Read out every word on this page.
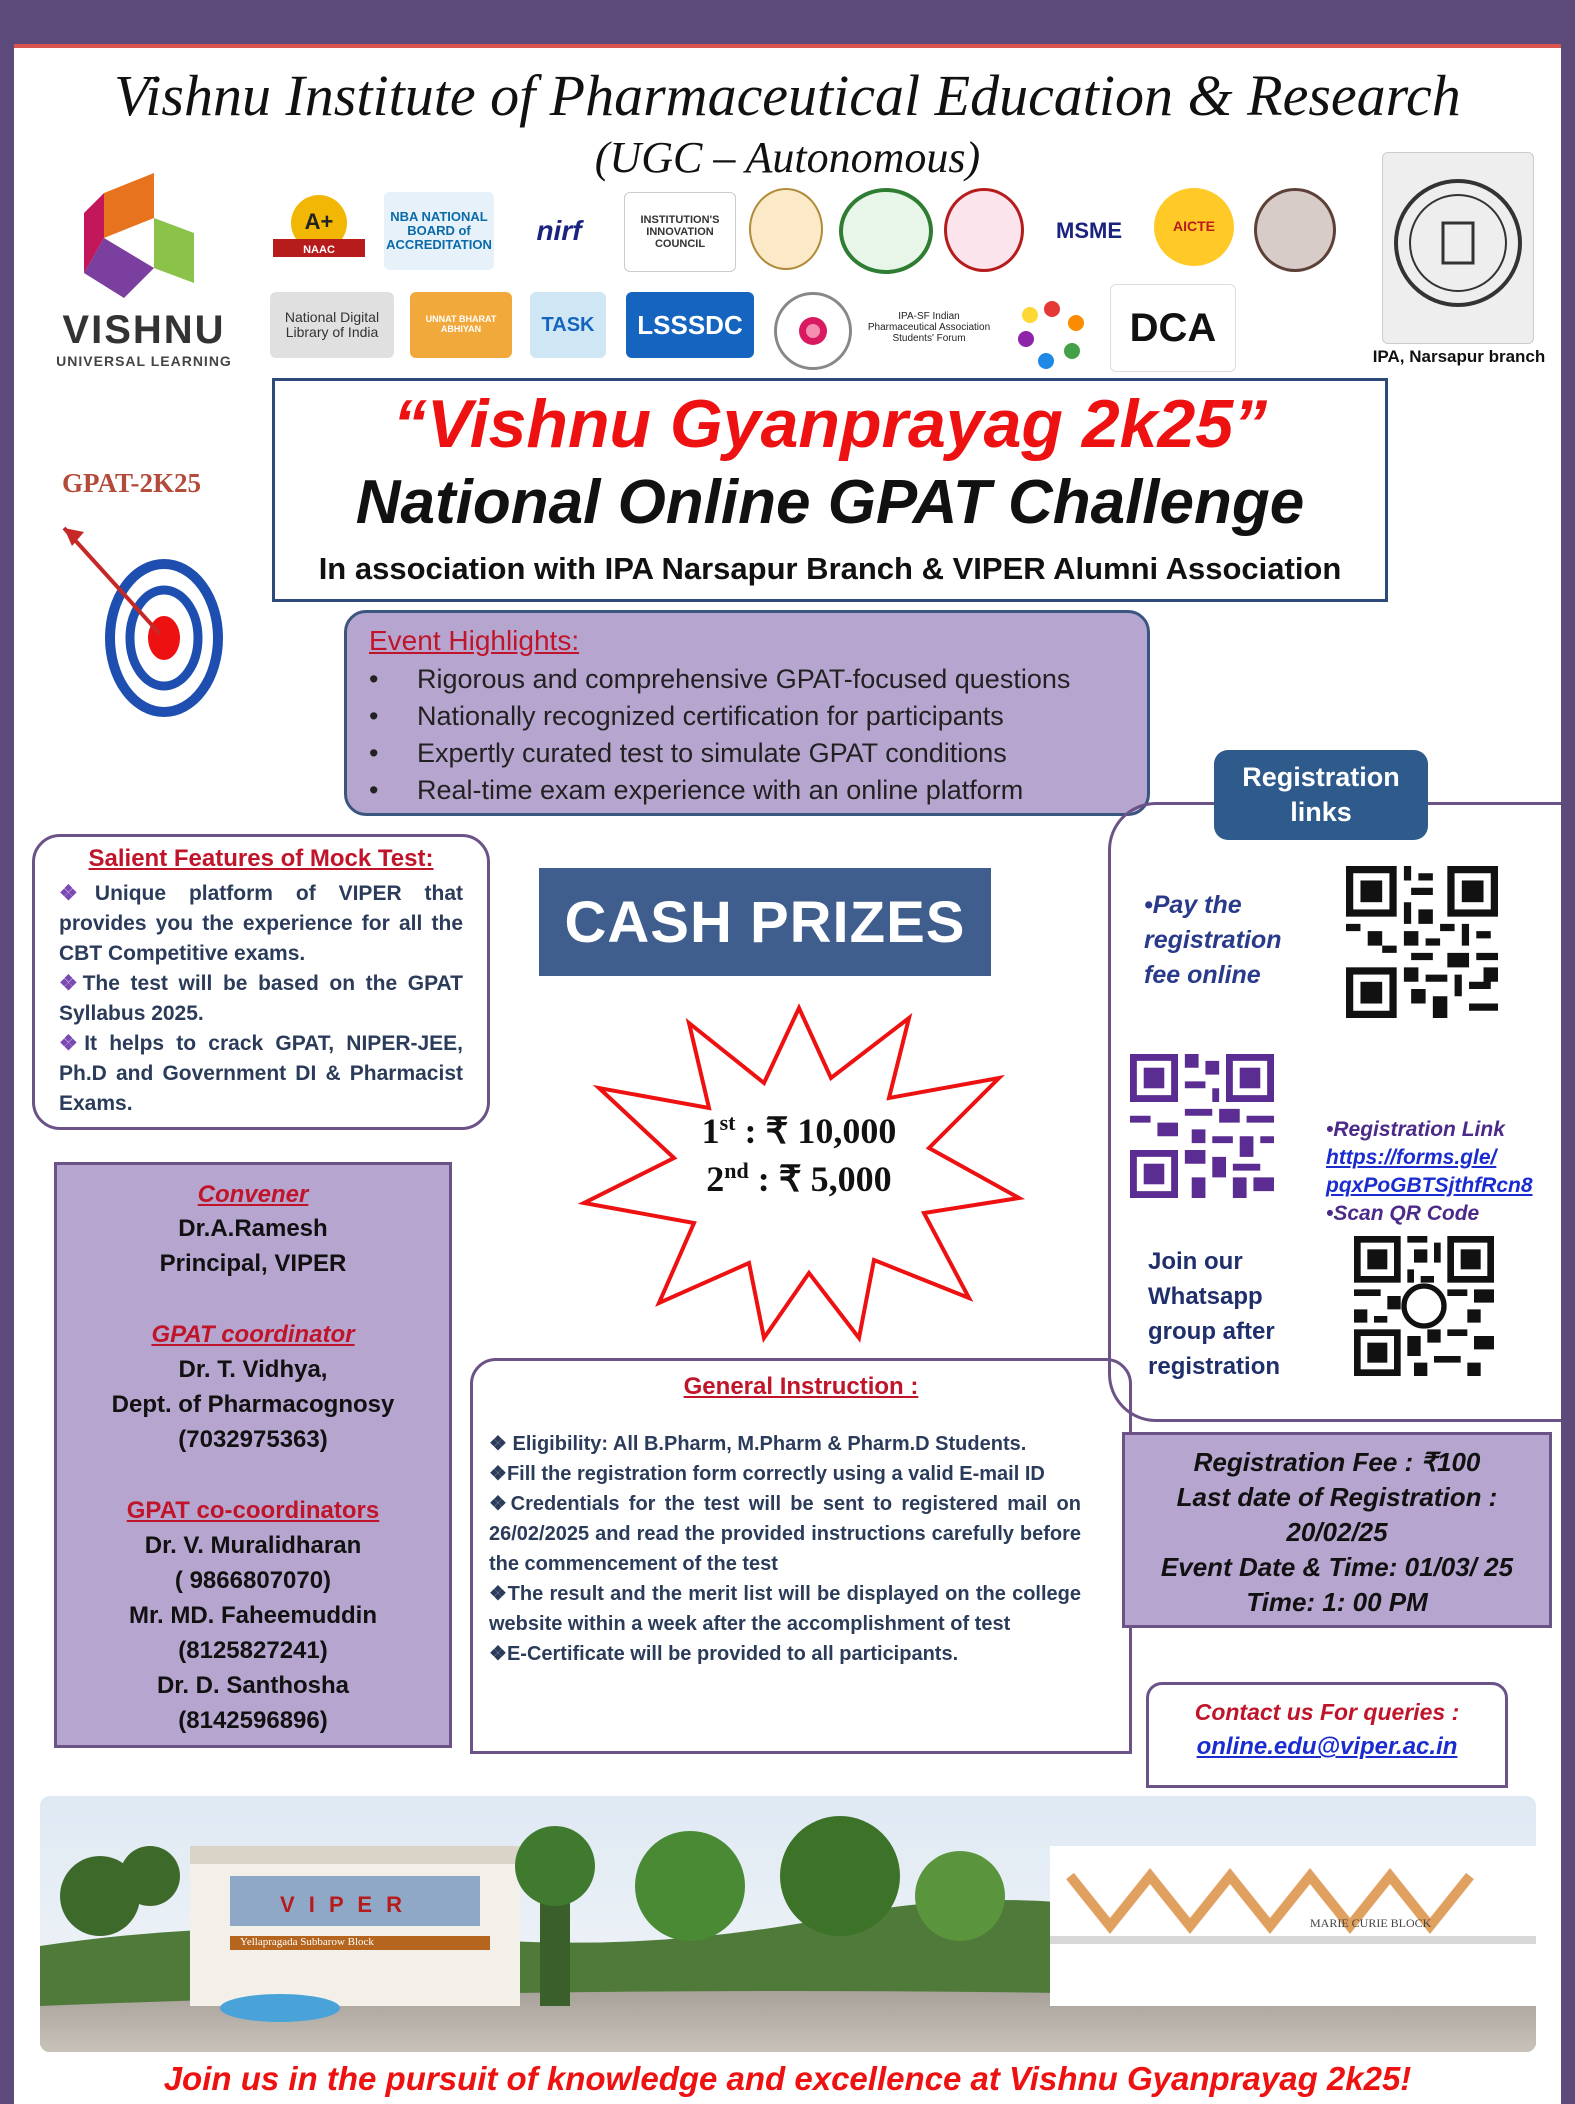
Vishnu Institute of Pharmaceutical Education & Research
(UGC – Autonomous)
VISHNU
UNIVERSAL LEARNING
A+
NAAC
NBA NATIONAL BOARD of ACCREDITATION	nirf	INSTITUTION'S INNOVATION COUNCIL
MSME	AICTE
National Digital Library of India
UNNAT BHARAT ABHIYAN	TASK	LSSSDC	IPA-SF Indian Pharmaceutical Association Students' Forum	DCA
IPA, Narsapur branch
“Vishnu Gyanprayag 2k25”
National Online GPAT Challenge
In association with IPA Narsapur Branch & VIPER Alumni Association
GPAT-2K25
Event Highlights:
• Rigorous and comprehensive GPAT-focused questions
• Nationally recognized certification for participants
• Expertly curated test to simulate GPAT conditions
• Real-time exam experience with an online platform	Registration links
•Pay the
registration
fee online
•Registration Link
https://forms.gle/
pqxPoGBTSjthfRcn8
•Scan QR Code
Join our
Whatsapp
group after
registration
Salient Features of Mock Test:
❖Unique platform of VIPER that provides you the experience for all the CBT Competitive exams.
❖The test will be based on the GPAT Syllabus 2025.
❖It helps to crack GPAT, NIPER-JEE, Ph.D and Government DI & Pharmacist Exams.
CASH PRIZES
1st : ₹ 10,000
2nd : ₹ 5,000
Convener
Dr.A.Ramesh
Principal, VIPER
GPAT coordinator
Dr. T. Vidhya,
Dept. of Pharmacognosy
(7032975363)
GPAT co-coordinators
Dr. V. Muralidharan
( 9866807070)
Mr. MD. Faheemuddin
(8125827241)
Dr. D. Santhosha
(8142596896)
General Instruction :
❖ Eligibility: All B.Pharm, M.Pharm & Pharm.D Students.
❖Fill the registration form correctly using a valid E-mail ID
❖Credentials for the test will be sent to registered mail on 26/02/2025 and read the provided instructions carefully before the commencement of the test
❖The result and the merit list will be displayed on the college website within a week after the accomplishment of test
❖E-Certificate will be provided to all participants.
Registration Fee : ₹100
Last date of Registration :
20/02/25
Event Date & Time: 01/03/ 25
Time: 1: 00 PM
Contact us For queries :
online.edu@viper.ac.in
V I P E R
Yellapragada Subbarow Block
MARIE CURIE BLOCK
Join us in the pursuit of knowledge and excellence at Vishnu Gyanprayag 2k25!
